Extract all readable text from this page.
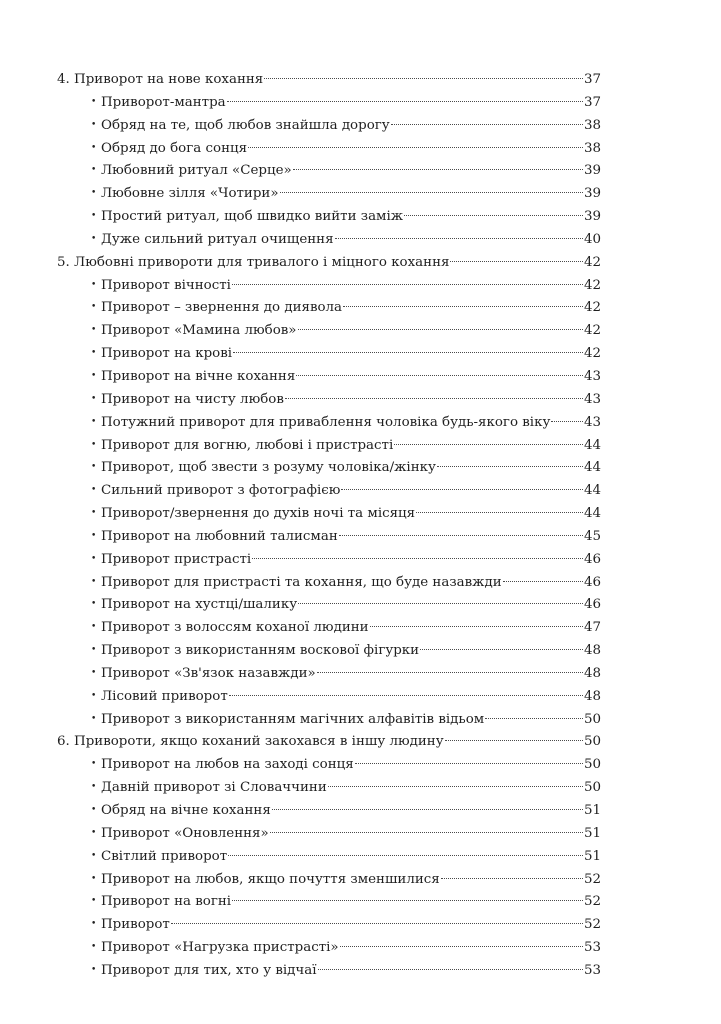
4. Приворот на нове кохання	37
• Приворот-мантра	37
• Обряд на те, щоб любов знайшла дорогу	38
• Обряд до бога сонця	38
• Любовний ритуал «Серце»	39
• Любовне зілля «Чотири»	39
• Простий ритуал, щоб швидко вийти заміж	39
• Дуже сильний ритуал очищення	40
5. Любовні привороти для тривалого і міцного кохання	42
• Приворот вічності	42
• Приворот – звернення до диявола	42
• Приворот «Мамина любов»	42
• Приворот на крові	42
• Приворот на вічне кохання	43
• Приворот на чисту любов	43
• Потужний приворот для приваблення чоловіка будь-якого віку	43
• Приворот для вогню, любові і пристрасті	44
• Приворот, щоб звести з розуму чоловіка/жінку	44
• Сильний приворот з фотографією	44
• Приворот/звернення до духів ночі та місяця	44
• Приворот на любовний талисман	45
• Приворот пристрасті	46
• Приворот для пристрасті та кохання, що буде назавжди	46
• Приворот на хустці/шалику	46
• Приворот з волоссям коханої людини	47
• Приворот з використанням воскової фігурки	48
• Приворот «Зв'язок назавжди»	48
• Лісовий приворот	48
• Приворот з використанням магічних алфавітів відьом	50
6. Привороти, якщо коханий закохався в іншу людину	50
• Приворот на любов на заході сонця	50
• Давній приворот зі Словаччини	50
• Обряд на вічне кохання	51
• Приворот «Оновлення»	51
• Світлий приворот	51
• Приворот на любов, якщо почуття зменшилися	52
• Приворот на вогні	52
• Приворот	52
• Приворот «Нагрузка пристрасті»	53
• Приворот для тих, хто у відчаї	53
